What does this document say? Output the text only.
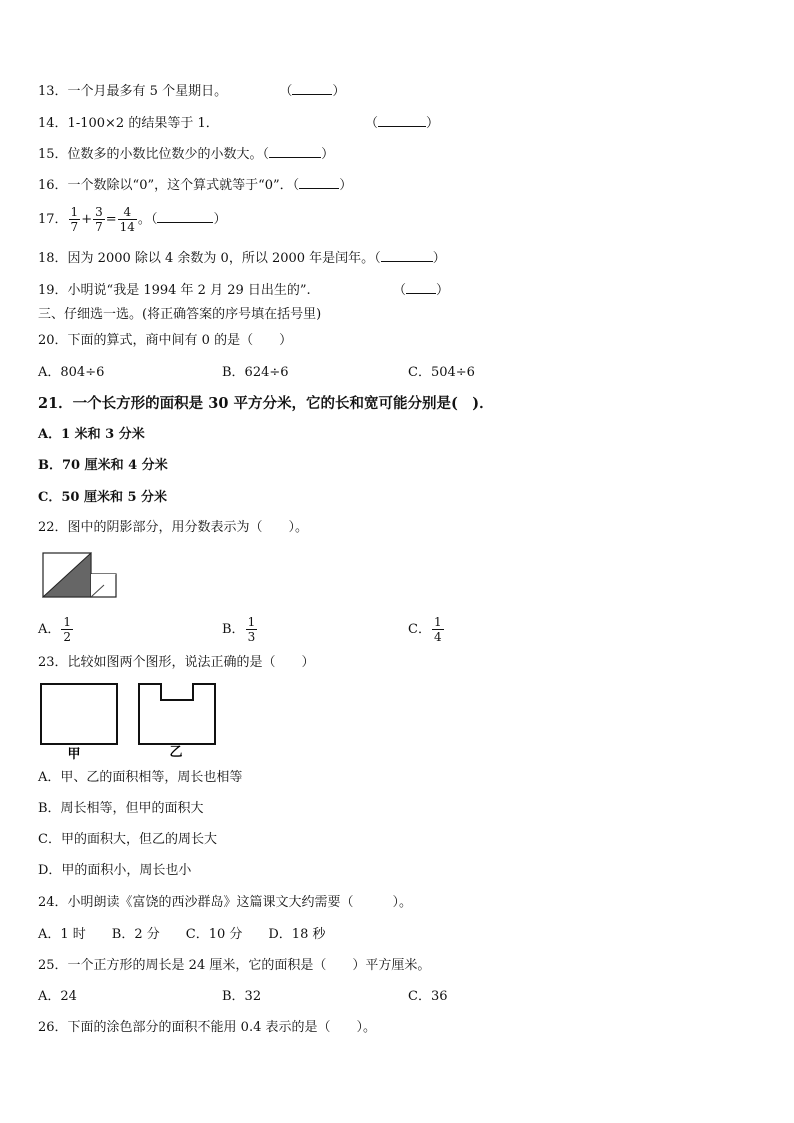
13．一个月最多有 5 个星期日。	（	）
14．1-100×2 的结果等于 1．	（	）
15．位数多的小数比位数少的小数大。（	）
16．一个数除以“0”，这个算式就等于“0”．（	）
17． $\frac{1}{7} + \frac{3}{7} = \frac{4}{14}$ 。（	）
18．因为 2000 除以 4 余数为 0，所以 2000 年是闰年。（	）
19．小明说“我是 1994 年 2 月 29 日出生的”.	（ ）
三、仔细选一选。(将正确答案的序号填在括号里)
20．下面的算式，商中间有 0 的是（　　）
A．804÷6	B．624÷6	C．504÷6
21．一个长方形的面积是 30 平方分米，它的长和宽可能分别是(　)．
A．1 米和 3 分米
B．70 厘米和 4 分米
C．50 厘米和 5 分米
22．图中的阴影部分，用分数表示为（　　）。
A． $\frac{1}{2}$	B． $\frac{1}{3}$	C． $\frac{1}{4}$
23．比较如图两个图形，说法正确的是（　　）
甲	乙
A．甲、乙的面积相等，周长也相等
B．周长相等，但甲的面积大
C．甲的面积大，但乙的周长大
D．甲的面积小，周长也小
24．小明朗读《富饶的西沙群岛》这篇课文大约需要（　　　）。
A．1 时　　B．2 分　　C．10 分　　D．18 秒
25．一个正方形的周长是 24 厘米，它的面积是（　　）平方厘米。
A．24	B．32	C．36
26．下面的涂色部分的面积不能用 0.4 表示的是（　　）。
